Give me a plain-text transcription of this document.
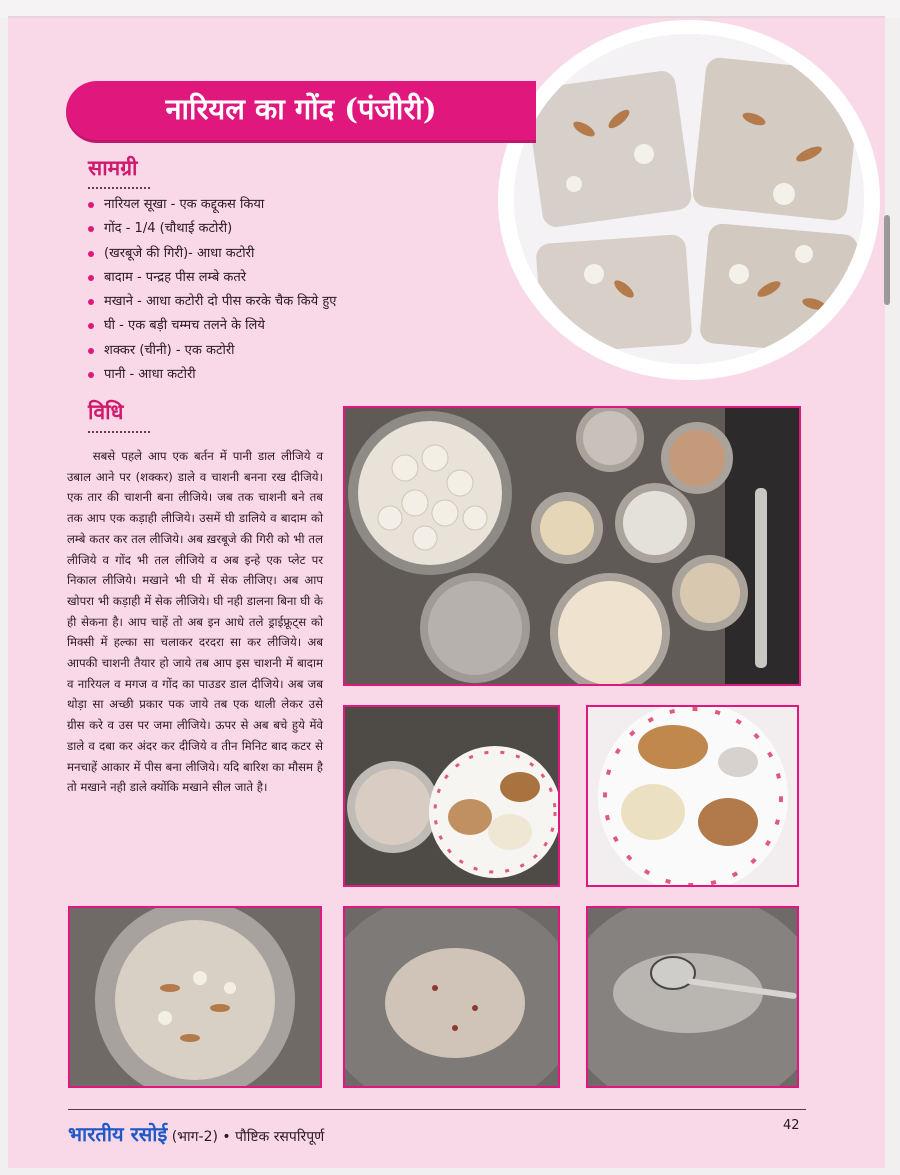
नारियल का गोंद (पंजीरी)
सामग्री
नारियल सूखा - एक कद्दूकस किया
गोंद - 1/4 (चौथाई कटोरी)
(खरबूजे की गिरी)- आधा कटोरी
बादाम - पन्द्रह पीस लम्बे कतरे
मखाने - आधा कटोरी दो पीस करके चैक किये हुए
घी - एक बड़ी चम्मच तलने के लिये
शक्कर (चीनी) - एक कटोरी
पानी - आधा कटोरी
विधि

सबसे पहले आप एक बर्तन में पानी डाल लीजिये व उबाल आने पर (शक्कर) डाले व चाशनी बनना रख दीजिये। एक तार की चाशनी बना लीजिये। जब तक चाशनी बने तब तक आप एक कड़ाही लीजिये। उसमें घी डालिये व बादाम को लम्बे कतर कर तल लीजिये। अब ख़रबूजे की गिरी को भी तल लीजिये व गोंद भी तल लीजिये व अब इन्हे एक प्लेट पर निकाल लीजिये। मखाने भी घी में सेक लीजिए। अब आप खोपरा भी कड़ाही में सेक लीजिये। घी नही डालना बिना घी के ही सेकना है। आप चाहें तो अब इन आधे तले ड्राईफ्रूट्स को मिक्सी में हल्का सा चलाकर दरदरा सा कर लीजिये। अब आपकी चाशनी तैयार हो जाये तब आप इस चाशनी में बादाम व नारियल व मगज व गोंद का पाउडर डाल दीजिये। अब जब थोड़ा सा अच्छी प्रकार पक जाये तब एक थाली लेकर उसे ग्रीस करे व उस पर जमा लीजिये। ऊपर से अब बचे हुये मेंवे डाले व दबा कर अंदर कर दीजिये व तीन मिनिट बाद कटर से मनचाहें आकार में पीस बना लीजिये। यदि बारिश का मौसम है तो मखाने नही डाले क्योंकि मखाने सील जाते है।

भारतीय रसोई (भाग-2) • पौष्टिक रसपरिपूर्ण
42
